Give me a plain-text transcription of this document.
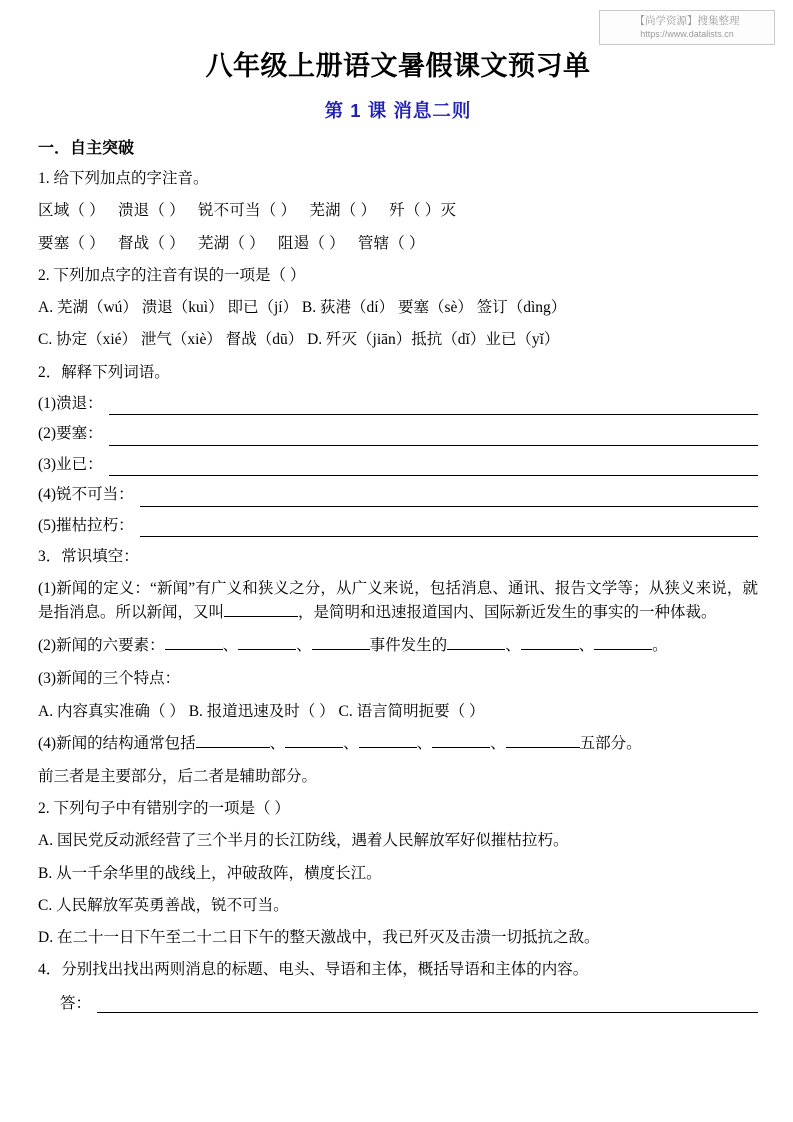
【尚学资源】搜集整理
https://www.datalists.cn
八年级上册语文暑假课文预习单
第 1 课 消息二则
一．自主突破

1. 给下列加点的字注音。

区域（ ） 溃退（ ） 锐不可当（ ） 芜湖（ ） 歼（ ）灭

要塞（ ） 督战（ ） 芜湖（ ） 阻遏（ ） 管辖（ ）

2. 下列加点字的注音有误的一项是（ ）

A. 芜湖（wú） 溃退（kuì） 即已（jí） B. 荻港（dí） 要塞（sè） 签订（dìng）

C. 协定（xié） 泄气（xiè） 督战（dū） D. 歼灭（jiān）抵抗（dǐ）业已（yǐ）

2．解释下列词语。

(1)溃退：
(2)要塞：
(3)业已：
(4)锐不可当：
(5)摧枯拉朽：

3．常识填空：

(1)新闻的定义：“新闻”有广义和狭义之分，从广义来说，包括消息、通讯、报告文学等；从狭义来说，就是指消息。所以新闻，又叫	，是简明和迅速报道国内、国际新近发生的事实的一种体裁。

(2)新闻的六要素：	、	、	事件发生的	、	、	。

(3)新闻的三个特点：

A. 内容真实准确（ ） B. 报道迅速及时（ ） C. 语言简明扼要（ ）

(4)新闻的结构通常包括	、	、	、	、	五部分。

前三者是主要部分，后二者是辅助部分。

2. 下列句子中有错别字的一项是（ ）

A. 国民党反动派经营了三个半月的长江防线，遇着人民解放军好似摧枯拉朽。

B. 从一千余华里的战线上，冲破敌阵，横度长江。

C. 人民解放军英勇善战，锐不可当。

D. 在二十一日下午至二十二日下午的整天激战中，我已歼灭及击溃一切抵抗之敌。

4．分别找出找出两则消息的标题、电头、导语和主体，概括导语和主体的内容。

答：
